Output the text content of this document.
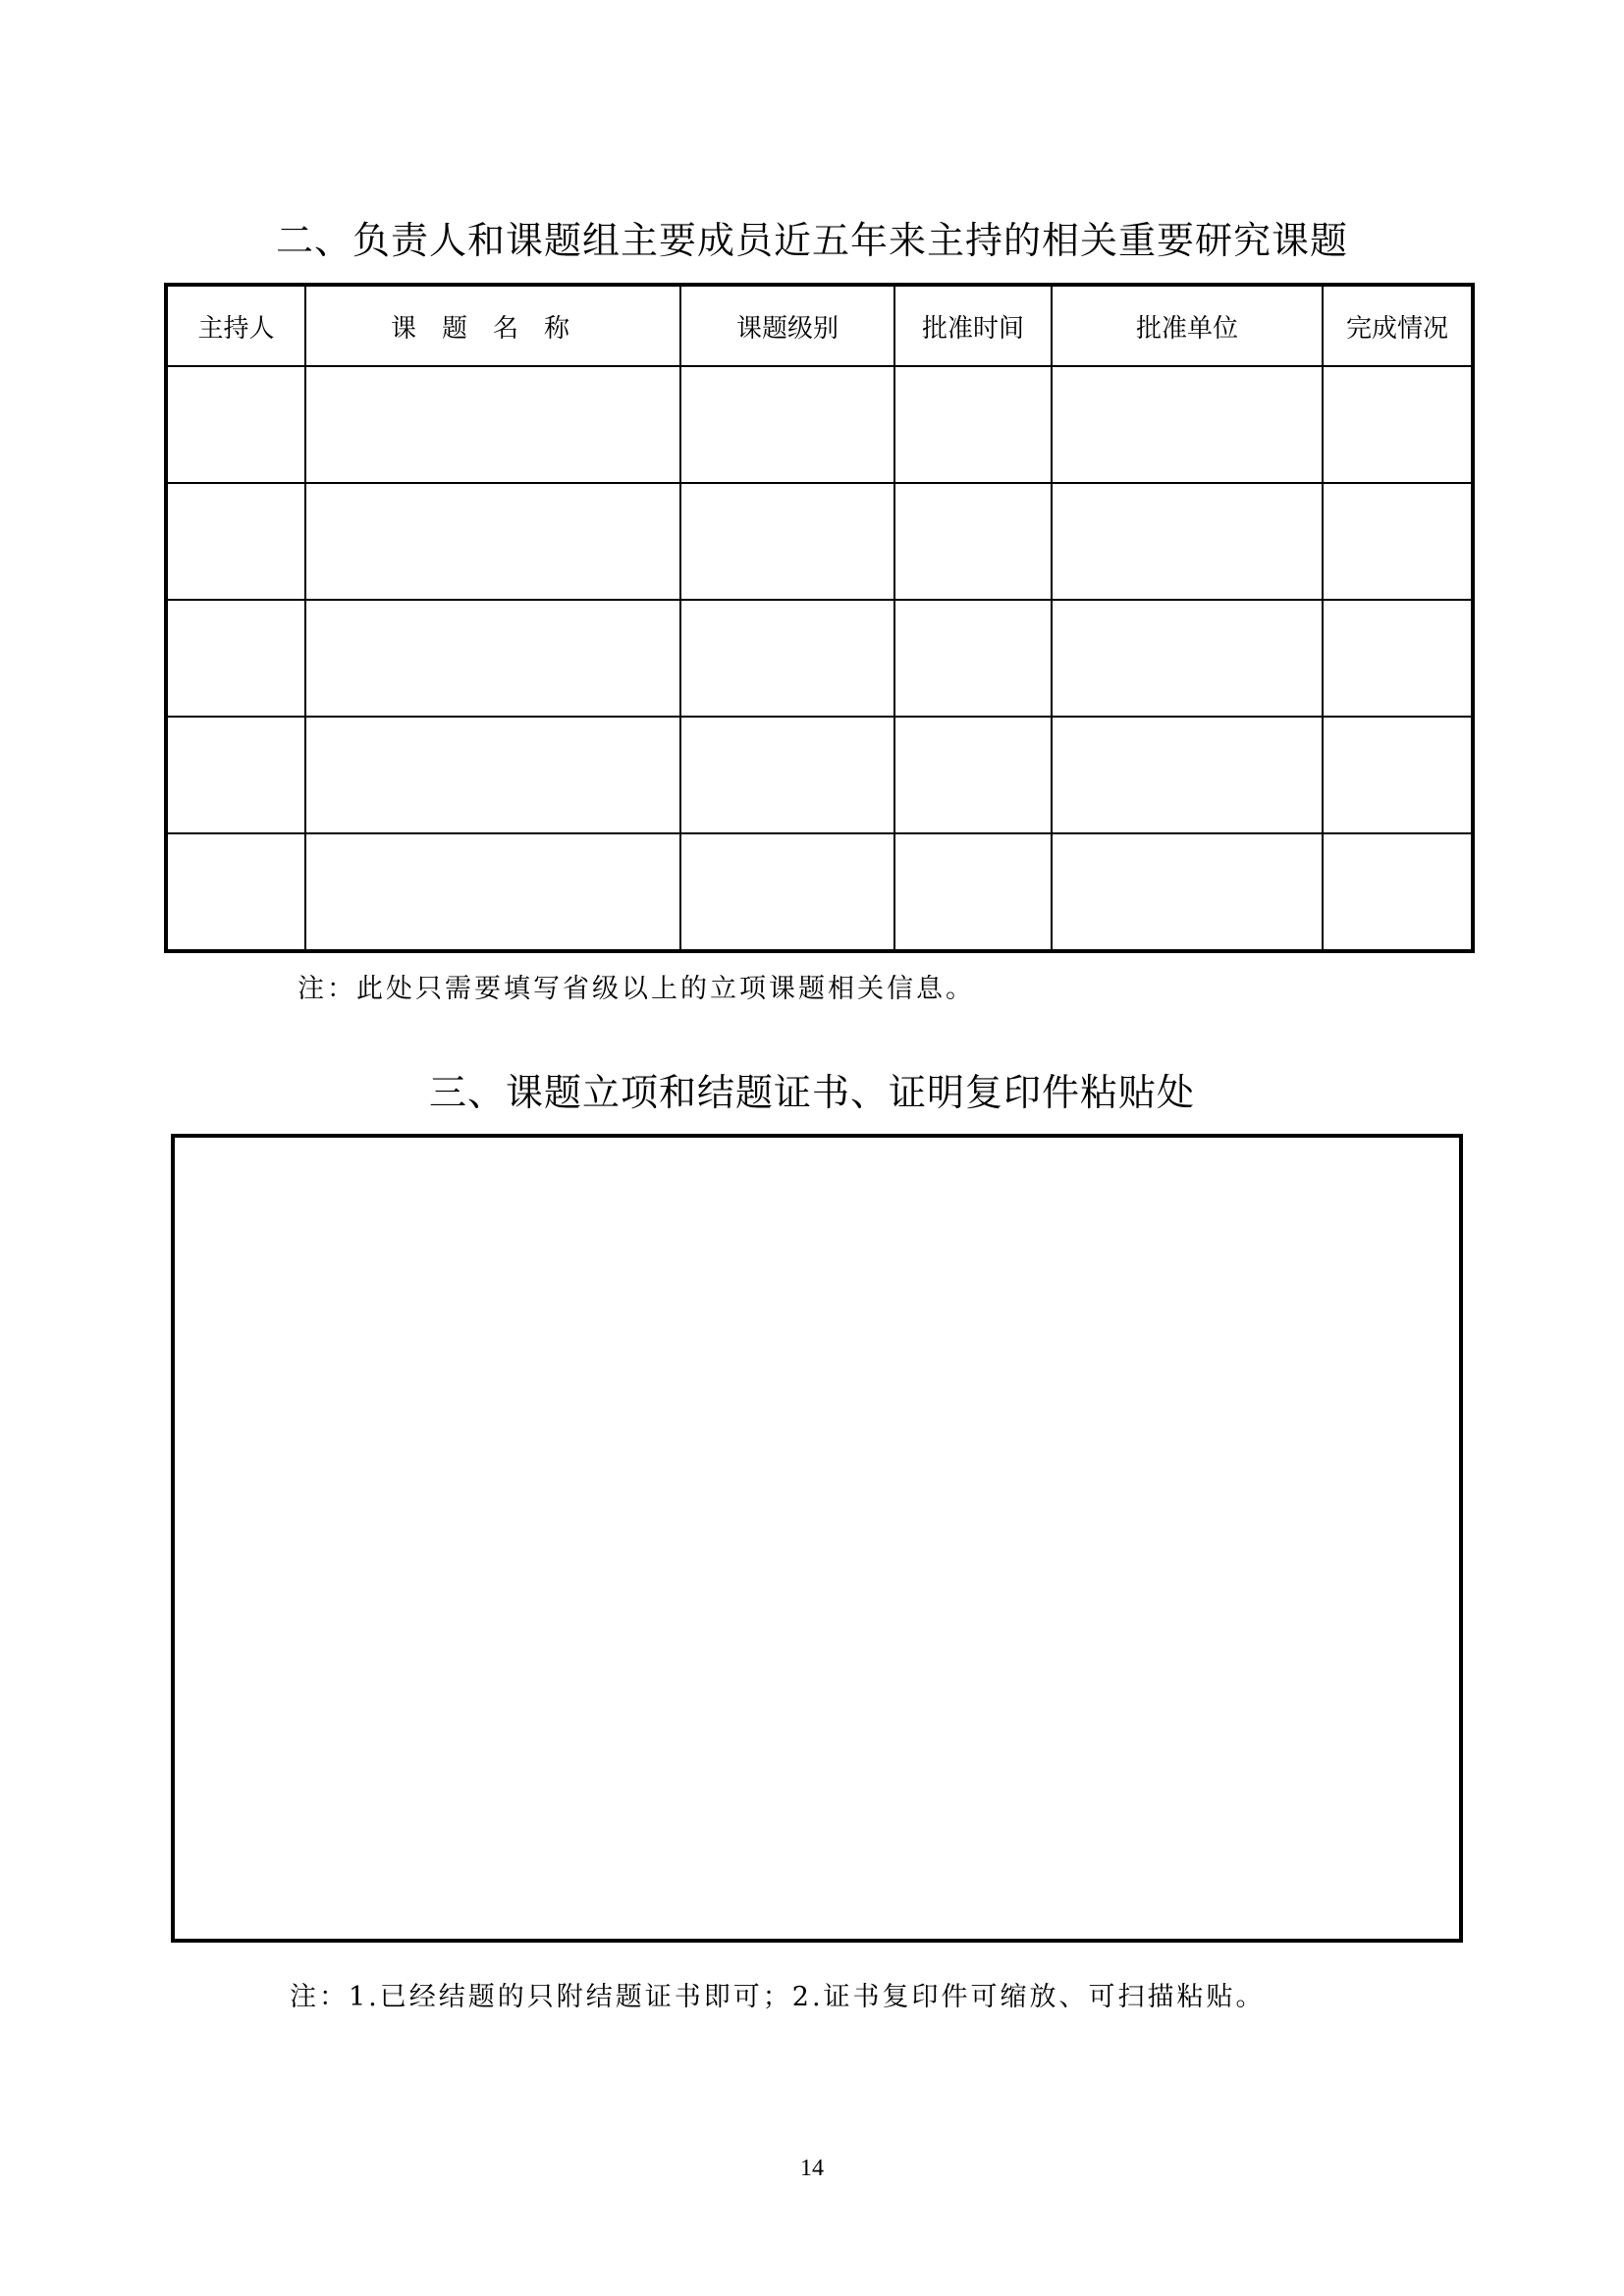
二、负责人和课题组主要成员近五年来主持的相关重要研究课题
主持人	课题名称	课题级别	批准时间	批准单位	完成情况

注：此处只需要填写省级以上的立项课题相关信息。

三、课题立项和结题证书、证明复印件粘贴处

注：1.已经结题的只附结题证书即可；2.证书复印件可缩放、可扫描粘贴。

14
